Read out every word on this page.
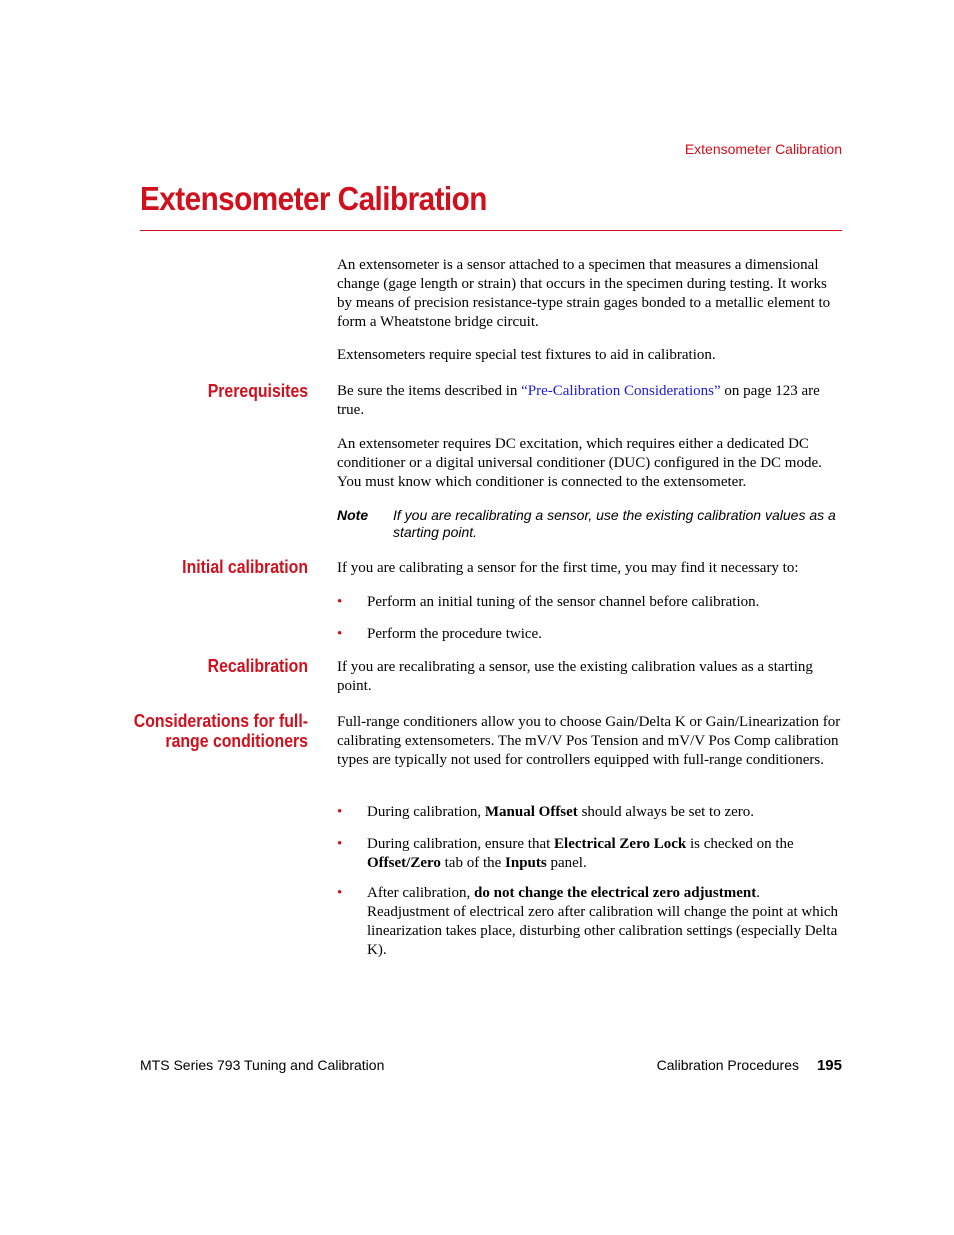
Extensometer Calibration
Extensometer Calibration

An extensometer is a sensor attached to a specimen that measures a dimensional change (gage length or strain) that occurs in the specimen during testing. It works by means of precision resistance-type strain gages bonded to a metallic element to form a Wheatstone bridge circuit.

Extensometers require special test fixtures to aid in calibration.

Prerequisites Be sure the items described in “Pre-Calibration Considerations” on page 123 are true.

An extensometer requires DC excitation, which requires either a dedicated DC conditioner or a digital universal conditioner (DUC) configured in the DC mode. You must know which conditioner is connected to the extensometer.

Note If you are recalibrating a sensor, use the existing calibration values as a starting point.
Initial calibration If you are calibrating a sensor for the first time, you may find it necessary to:

• Perform an initial tuning of the sensor channel before calibration.
• Perform the procedure twice.
Recalibration If you are recalibrating a sensor, use the existing calibration values as a starting point.

Considerations for full-
range conditioners

Full-range conditioners allow you to choose Gain/Delta K or Gain/Linearization for calibrating extensometers. The mV/V Pos Tension and mV/V Pos Comp calibration types are typically not used for controllers equipped with full-range conditioners.

• During calibration, Manual Offset should always be set to zero.
• During calibration, ensure that Electrical Zero Lock is checked on the Offset/Zero tab of the Inputs panel.
• After calibration, do not change the electrical zero adjustment. Readjustment of electrical zero after calibration will change the point at which linearization takes place, disturbing other calibration settings (especially Delta K).
MTS Series 793 Tuning and Calibration	Calibration Procedures 195
